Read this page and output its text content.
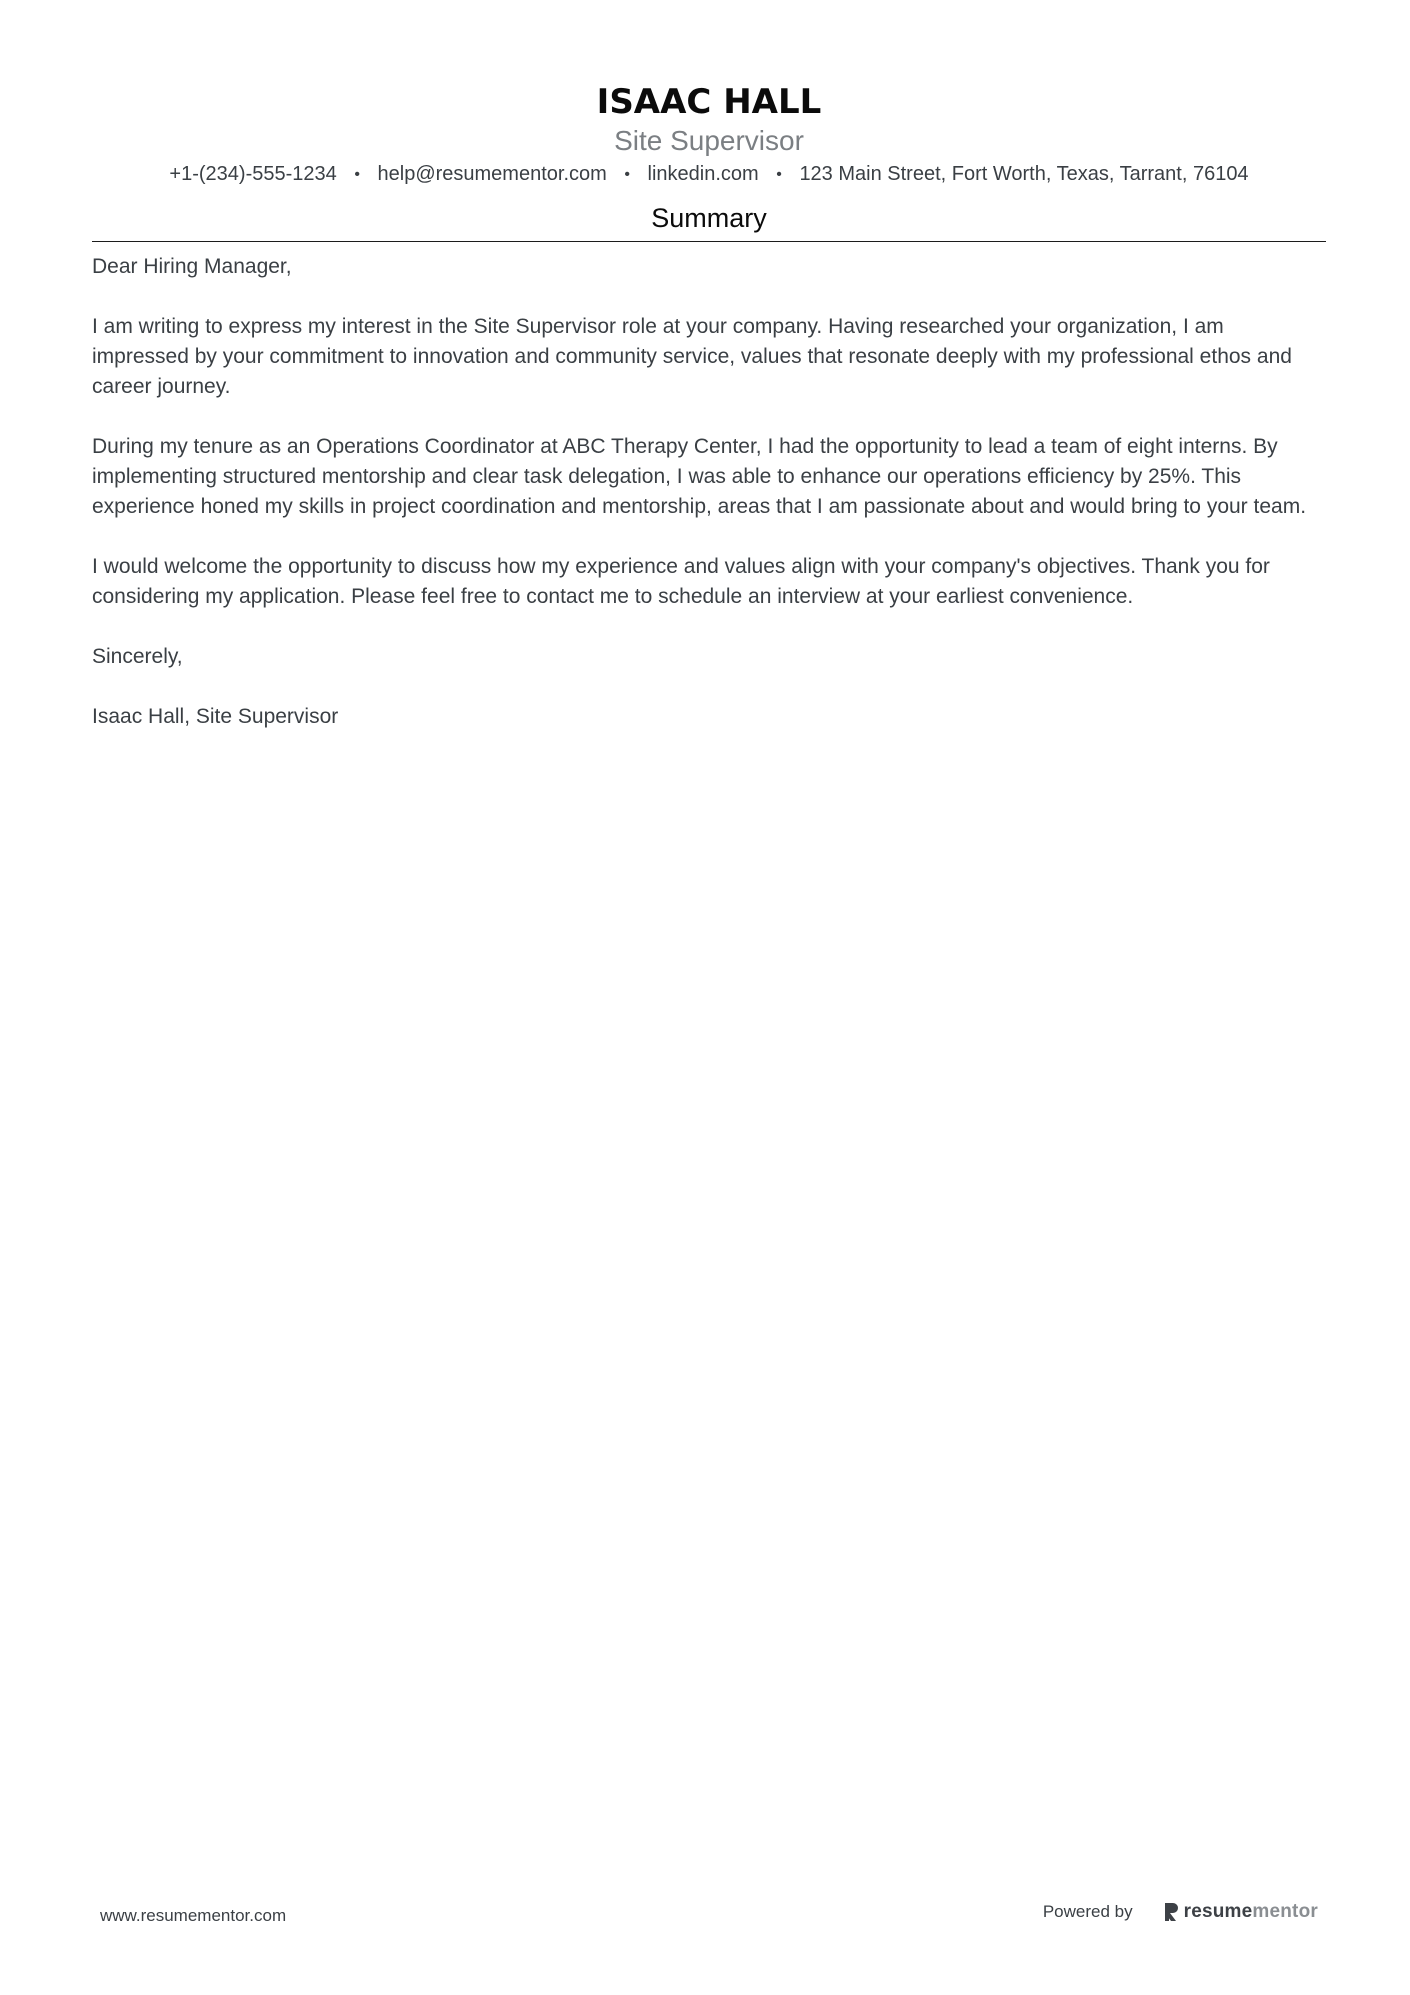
ISAAC HALL
Site Supervisor
+1-(234)-555-1234 • help@resumementor.com • linkedin.com • 123 Main Street, Fort Worth, Texas, Tarrant, 76104
Summary

Dear Hiring Manager,

I am writing to express my interest in the Site Supervisor role at your company. Having researched your organization, I am impressed by your commitment to innovation and community service, values that resonate deeply with my professional ethos and career journey.

During my tenure as an Operations Coordinator at ABC Therapy Center, I had the opportunity to lead a team of eight interns. By implementing structured mentorship and clear task delegation, I was able to enhance our operations efficiency by 25%. This experience honed my skills in project coordination and mentorship, areas that I am passionate about and would bring to your team.

I would welcome the opportunity to discuss how my experience and values align with your company's objectives. Thank you for considering my application. Please feel free to contact me to schedule an interview at your earliest convenience.

Sincerely,

Isaac Hall, Site Supervisor

www.resumementor.com	Powered by	resumementor
